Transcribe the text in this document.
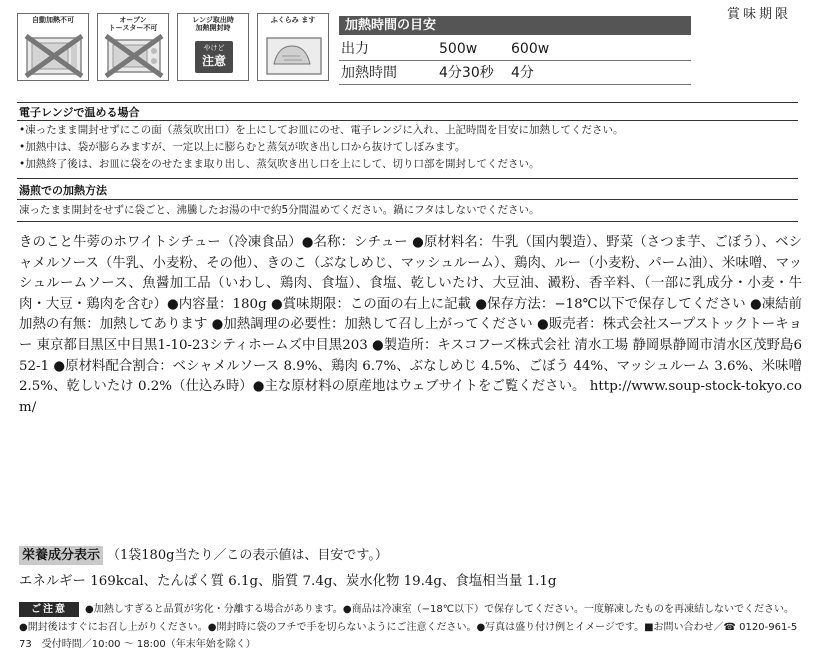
自動加熱不可	オーブン
トースター不可
レンジ取出時
加熱開封時
やけど
注意
ふくらみ ます	加熱時間の目安
出力	500w 600w
加熱時間	4分30秒 4分
賞味期限
電子レンジで温める場合
•凍ったまま開封せずにこの面（蒸気吹出口）を上にしてお皿にのせ、電子レンジに入れ、上記時間を目安に加熱してください。
•加熱中は、袋が膨らみますが、一定以上に膨らむと蒸気が吹き出し口から抜けてしぼみます。
•加熱終了後は、お皿に袋をのせたまま取り出し、蒸気吹き出し口を上にして、切り口部を開封してください。
湯煎での加熱方法
凍ったまま開封をせずに袋ごと、沸騰したお湯の中で約5分間温めてください。鍋にフタはしないでください。
きのこと牛蒡のホワイトシチュー（冷凍食品）●名称：シチュー ●原材料名：牛乳（国内製造）、野菜（さつま芋、ごぼう）、ベシャメルソース（牛乳、小麦粉、その他）、きのこ（ぶなしめじ、マッシュルーム）、鶏肉、ルー（小麦粉、パーム油）、米味噌、マッシュルームソース、魚醤加工品（いわし、鶏肉、食塩）、食塩、乾しいたけ、大豆油、澱粉、香辛料、（一部に乳成分・小麦・牛肉・大豆・鶏肉を含む）●内容量：180g ●賞味期限：この面の右上に記載 ●保存方法：−18℃以下で保存してください ●凍結前加熱の有無：加熱してあります ●加熱調理の必要性：加熱して召し上がってください ●販売者：株式会社スープストックトーキョー 東京都目黒区中目黒1-10-23シティホームズ中目黒203 ●製造所：キスコフーズ株式会社 清水工場 静岡県静岡市清水区茂野島652-1 ●原材料配合割合：ベシャメルソース 8.9%、鶏肉 6.7%、ぶなしめじ 4.5%、ごぼう 44%、マッシュルーム 3.6%、米味噌 2.5%、乾しいたけ 0.2%（仕込み時）●主な原材料の原産地はウェブサイトをご覧ください。 http://www.soup-stock-tokyo.com/
栄養成分表示 （1袋180g当たり／この表示値は、目安です。）
エネルギー 169kcal、たんぱく質 6.1g、脂質 7.4g、炭水化物 19.4g、食塩相当量 1.1g
ご注意 ●加熱しすぎると品質が劣化・分離する場合があります。●商品は冷凍室（−18℃以下）で保存してください。一度解凍したものを再凍結しないでください。●開封後はすぐにお召し上がりください。●開封時に袋のフチで手を切らないようにご注意ください。●写真は盛り付け例とイメージです。■お問い合わせ／☎ 0120-961-573　受付時間／10:00 〜 18:00（年末年始を除く）
